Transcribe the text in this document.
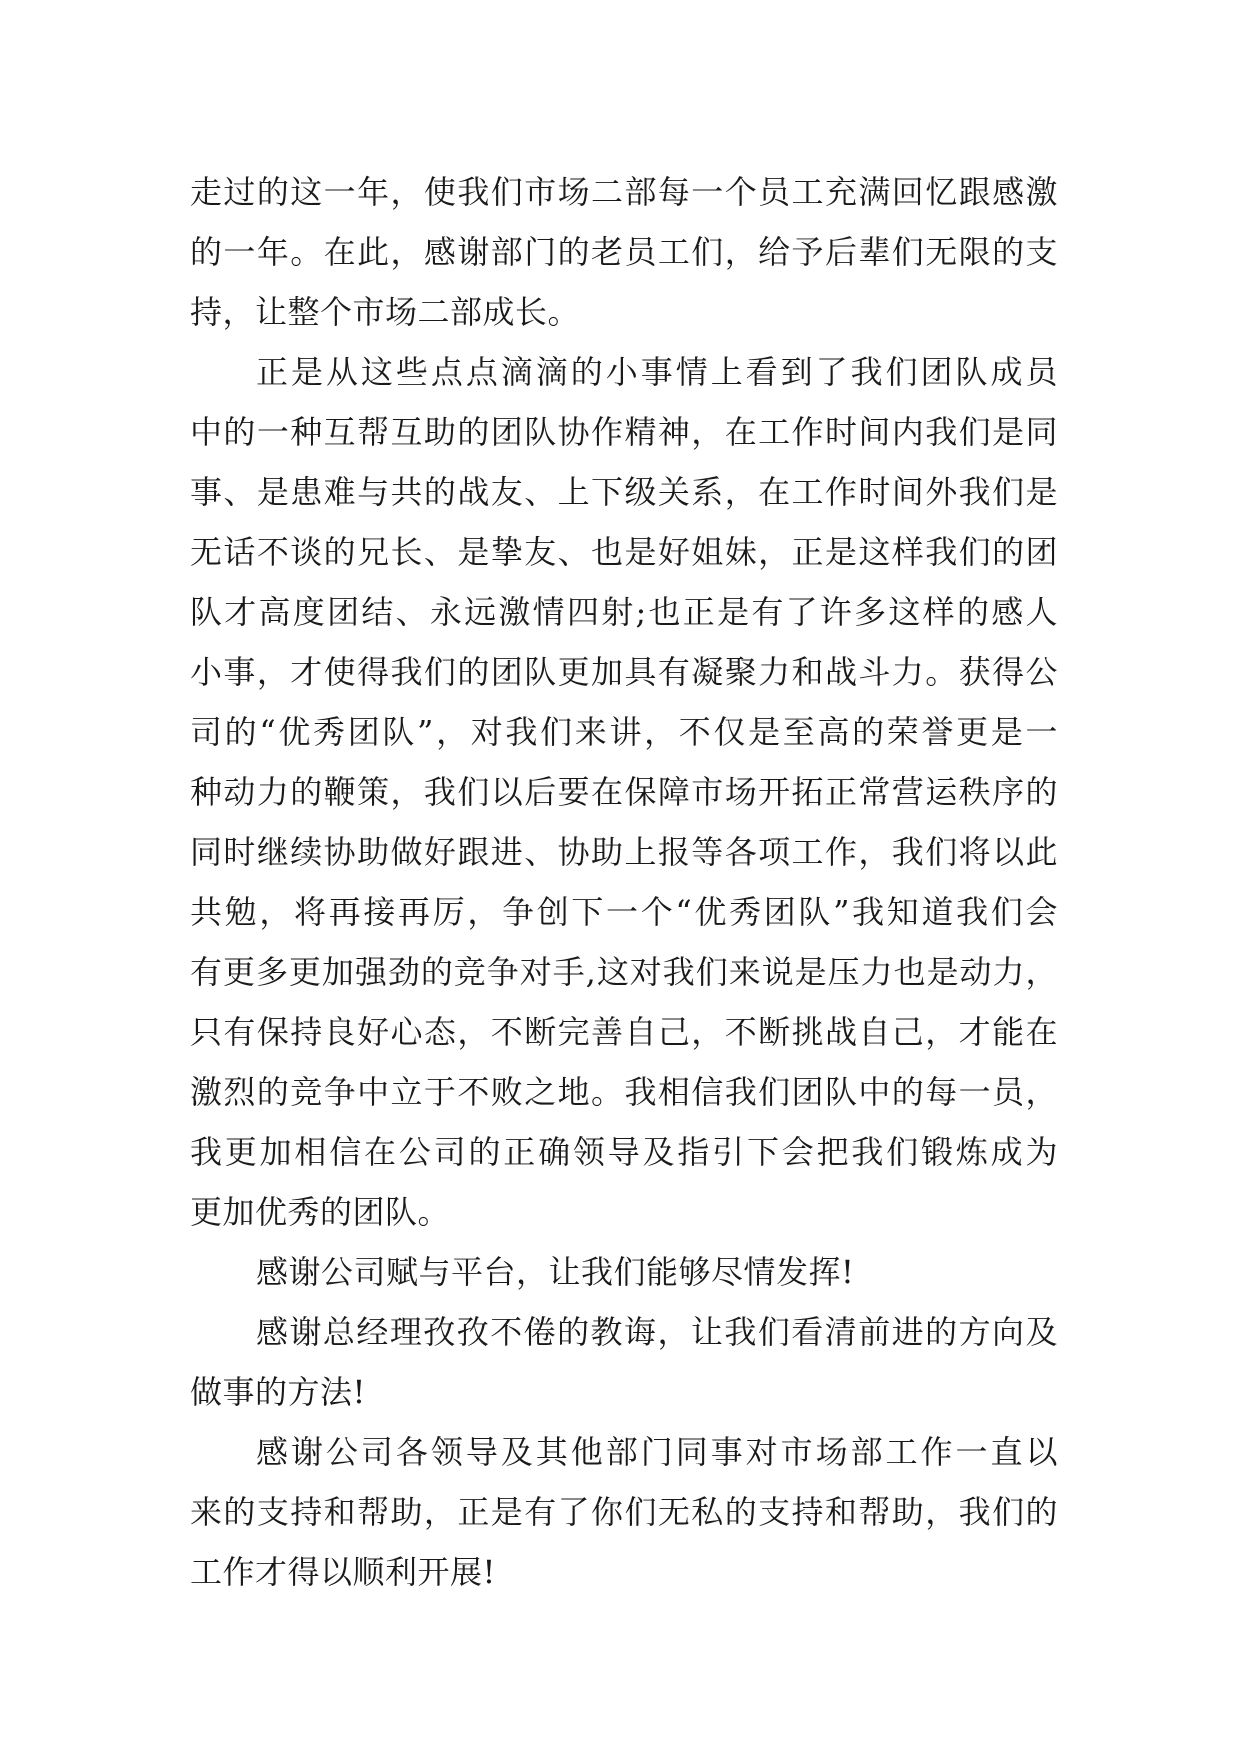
走过的这一年，使我们市场二部每一个员工充满回忆跟感激
的一年。在此，感谢部门的老员工们，给予后辈们无限的支
持，让整个市场二部成长。
正是从这些点点滴滴的小事情上看到了我们团队成员
中的一种互帮互助的团队协作精神，在工作时间内我们是同
事、是患难与共的战友、上下级关系，在工作时间外我们是
无话不谈的兄长、是挚友、也是好姐妹，正是这样我们的团
队才高度团结、永远激情四射;也正是有了许多这样的感人
小事，才使得我们的团队更加具有凝聚力和战斗力。获得公
司的“优秀团队”，对我们来讲，不仅是至高的荣誉更是一
种动力的鞭策，我们以后要在保障市场开拓正常营运秩序的
同时继续协助做好跟进、协助上报等各项工作，我们将以此
共勉，将再接再厉，争创下一个“优秀团队”我知道我们会
有更多更加强劲的竞争对手,这对我们来说是压力也是动力，
只有保持良好心态，不断完善自己，不断挑战自己，才能在
激烈的竞争中立于不败之地。我相信我们团队中的每一员，
我更加相信在公司的正确领导及指引下会把我们锻炼成为
更加优秀的团队。
感谢公司赋与平台，让我们能够尽情发挥!
感谢总经理孜孜不倦的教诲，让我们看清前进的方向及
做事的方法!
感谢公司各领导及其他部门同事对市场部工作一直以
来的支持和帮助，正是有了你们无私的支持和帮助，我们的
工作才得以顺利开展!
